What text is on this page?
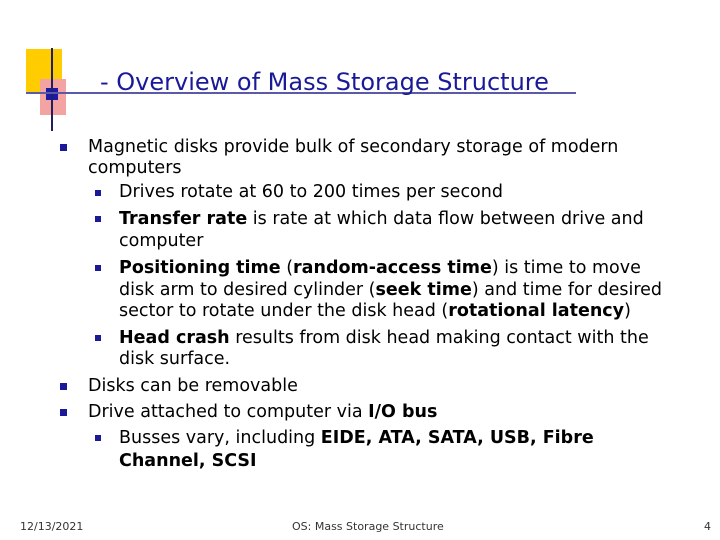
- Overview of Mass Storage Structure
Magnetic disks provide bulk of secondary storage of modern
computers
Drives rotate at 60 to 200 times per second
Transfer rate is rate at which data flow between drive and
computer
Positioning time (random-access time) is time to move
disk arm to desired cylinder (seek time) and time for desired
sector to rotate under the disk head (rotational latency)
Head crash results from disk head making contact with the
disk surface.
Disks can be removable
Drive attached to computer via I/O bus
Busses vary, including EIDE, ATA, SATA, USB, Fibre
Channel, SCSI
12/13/2021	OS: Mass Storage Structure	4
